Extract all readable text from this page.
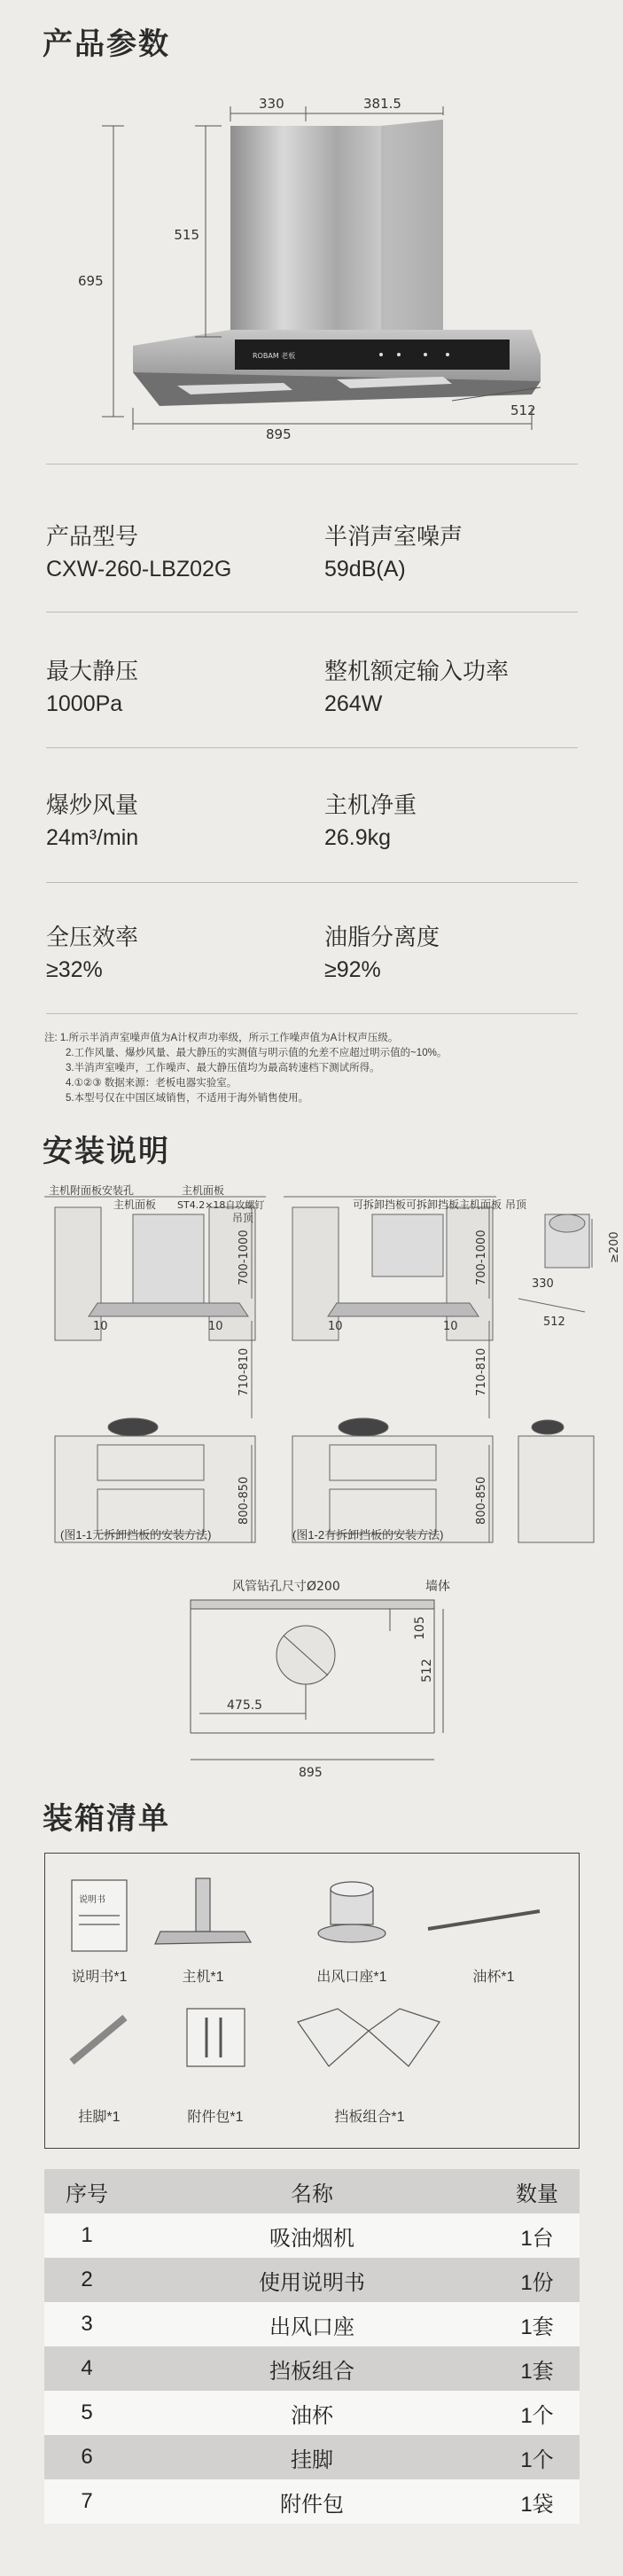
产品参数
ROBAM 老板
330	381.5
515
695
895
512
产品型号
CXW-260-LBZ02G
半消声室噪声
59dB(A)
最大静压
1000Pa
整机额定输入功率
264W
爆炒风量
24m³/min
主机净重
26.9kg
全压效率
≥32%
油脂分离度
≥92%
注: 1.所示半消声室噪声值为A计权声功率级，所示工作噪声值为A计权声压级。
2.工作风量、爆炒风量、最大静压的实测值与明示值的允差不应超过明示值的~10%。
3.半消声室噪声，工作噪声、最大静压值均为最高转速档下测试所得。
4.①②③ 数据来源：老板电器实验室。
5.本型号仅在中国区域销售，不适用于海外销售使用。
安装说明
主机附面板安装孔
主机面板
主机面板
ST4.2×18自攻螺钉
吊顶
可拆卸挡板 可拆卸挡板 主机面板 吊顶
10	10	10	10
700-1000
710-810
800-850
700-1000
710-810
800-850
≥200
330
512
(图1-1无拆卸挡板的安装方法)	(图1-2有拆卸挡板的安装方法)
风管钻孔尺寸Ø200	墙体
105
475.5
512
895
装箱清单
说明书
说明书*1	主机*1	出风口座*1	油杯*1
挂脚*1	附件包*1	挡板组合*1
序号	名称	数量
1	吸油烟机	1台
2	使用说明书	1份
3	出风口座	1套
4	挡板组合	1套
5	油杯	1个
6	挂脚	1个
7	附件包	1袋
